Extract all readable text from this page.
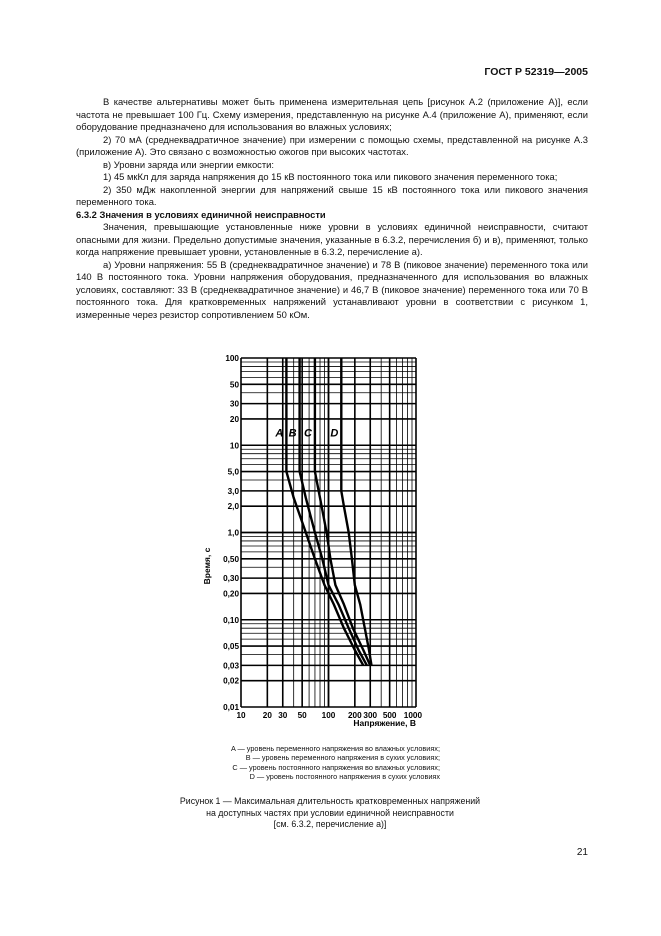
ГОСТ Р 52319—2005

В качестве альтернативы может быть применена измерительная цепь [рисунок А.2 (приложение А)], если частота не превышает 100 Гц. Схему измерения, представленную на рисунке А.4 (приложение А), применяют, если оборудование предназначено для использования во влажных условиях;

2) 70 мА (среднеквадратичное значение) при измерении с помощью схемы, представленной на рисунке А.3 (приложение А). Это связано с возможностью ожогов при высоких частотах.

в) Уровни заряда или энергии емкости:

1) 45 мкКл для заряда напряжения до 15 кВ постоянного тока или пикового значения переменного тока;

2) 350 мДж накопленной энергии для напряжений свыше 15 кВ постоянного тока или пикового значения переменного тока.

6.3.2 Значения в условиях единичной неисправности

Значения, превышающие установленные ниже уровни в условиях единичной неисправности, считают опасными для жизни. Предельно допустимые значения, указанные в 6.3.2, перечисления б) и в), применяют, только когда напряжение превышает уровни, установленные в 6.3.2, перечисление а).

а) Уровни напряжения: 55 В (среднеквадратичное значение) и 78 В (пиковое значение) переменного тока или 140 В постоянного тока. Уровни напряжения оборудования, предназначенного для использования во влажных условиях, составляют: 33 В (среднеквадратичное значение) и 46,7 В (пиковое значение) переменного тока или 70 В постоянного тока. Для кратковременных напряжений устанавливают уровни в соответствии с рисунком 1, измеренные через резистор сопротивлением 50 кОм.

A B C D
0,01
0,02
0,03
0,05
0,10
0,20
0,30
0,50
1,0
2,0
3,0
5,0
10
20
30
50
100
10 20 30 50 100 200 300 500 1000
Время, с
Напряжение, В
A — уровень переменного напряжения во влажных условиях;
B — уровень переменного напряжения в сухих условиях;
C — уровень постоянного напряжения во влажных условиях;
D — уровень постоянного напряжения в сухих условиях
Рисунок 1 — Максимальная длительность кратковременных напряжений
на доступных частях при условии единичной неисправности
[см. 6.3.2, перечисление а)]
21
